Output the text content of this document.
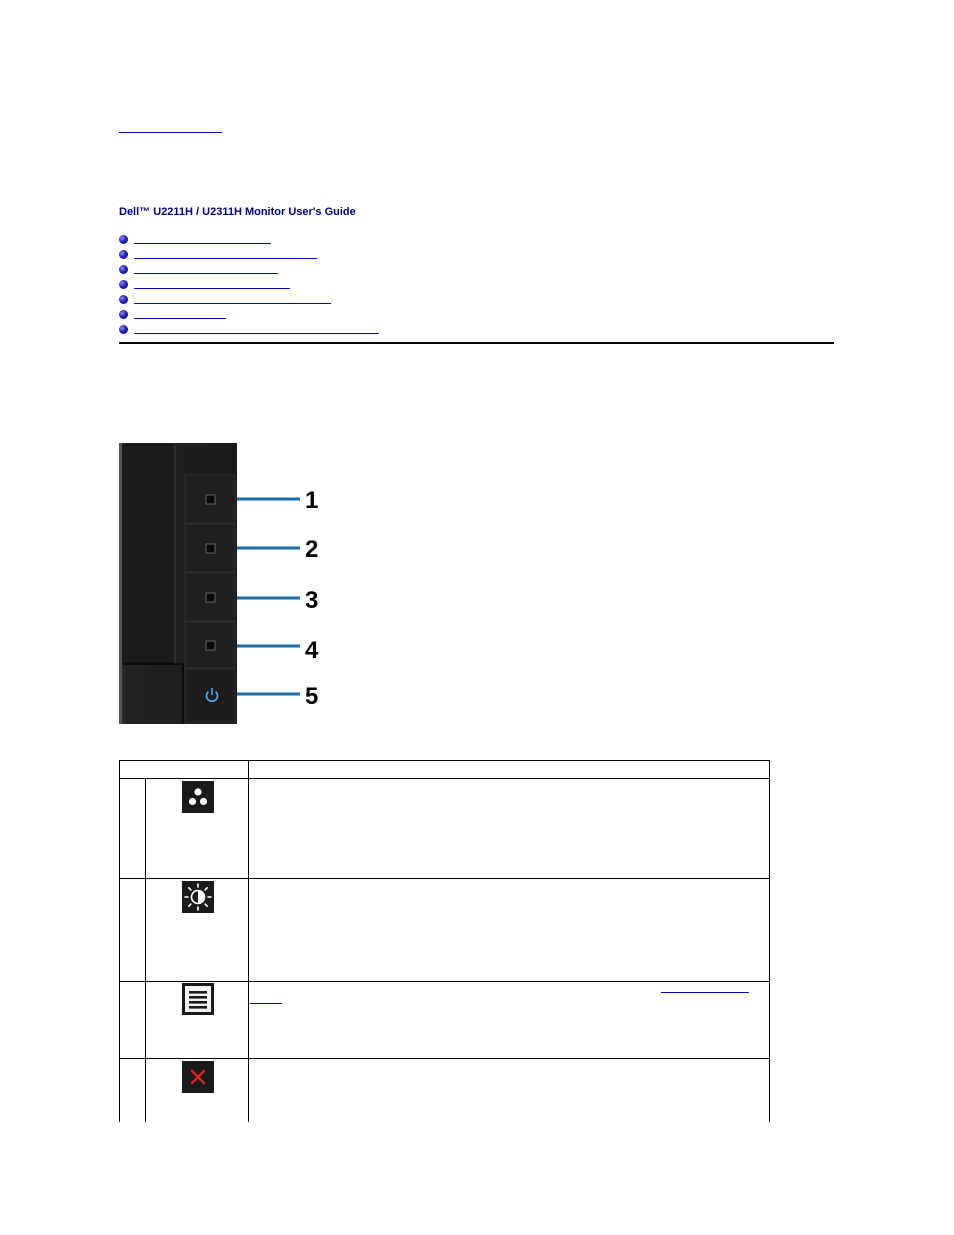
Dell™ U2211H / U2311H Monitor User's Guide
1
2
3
4
5
